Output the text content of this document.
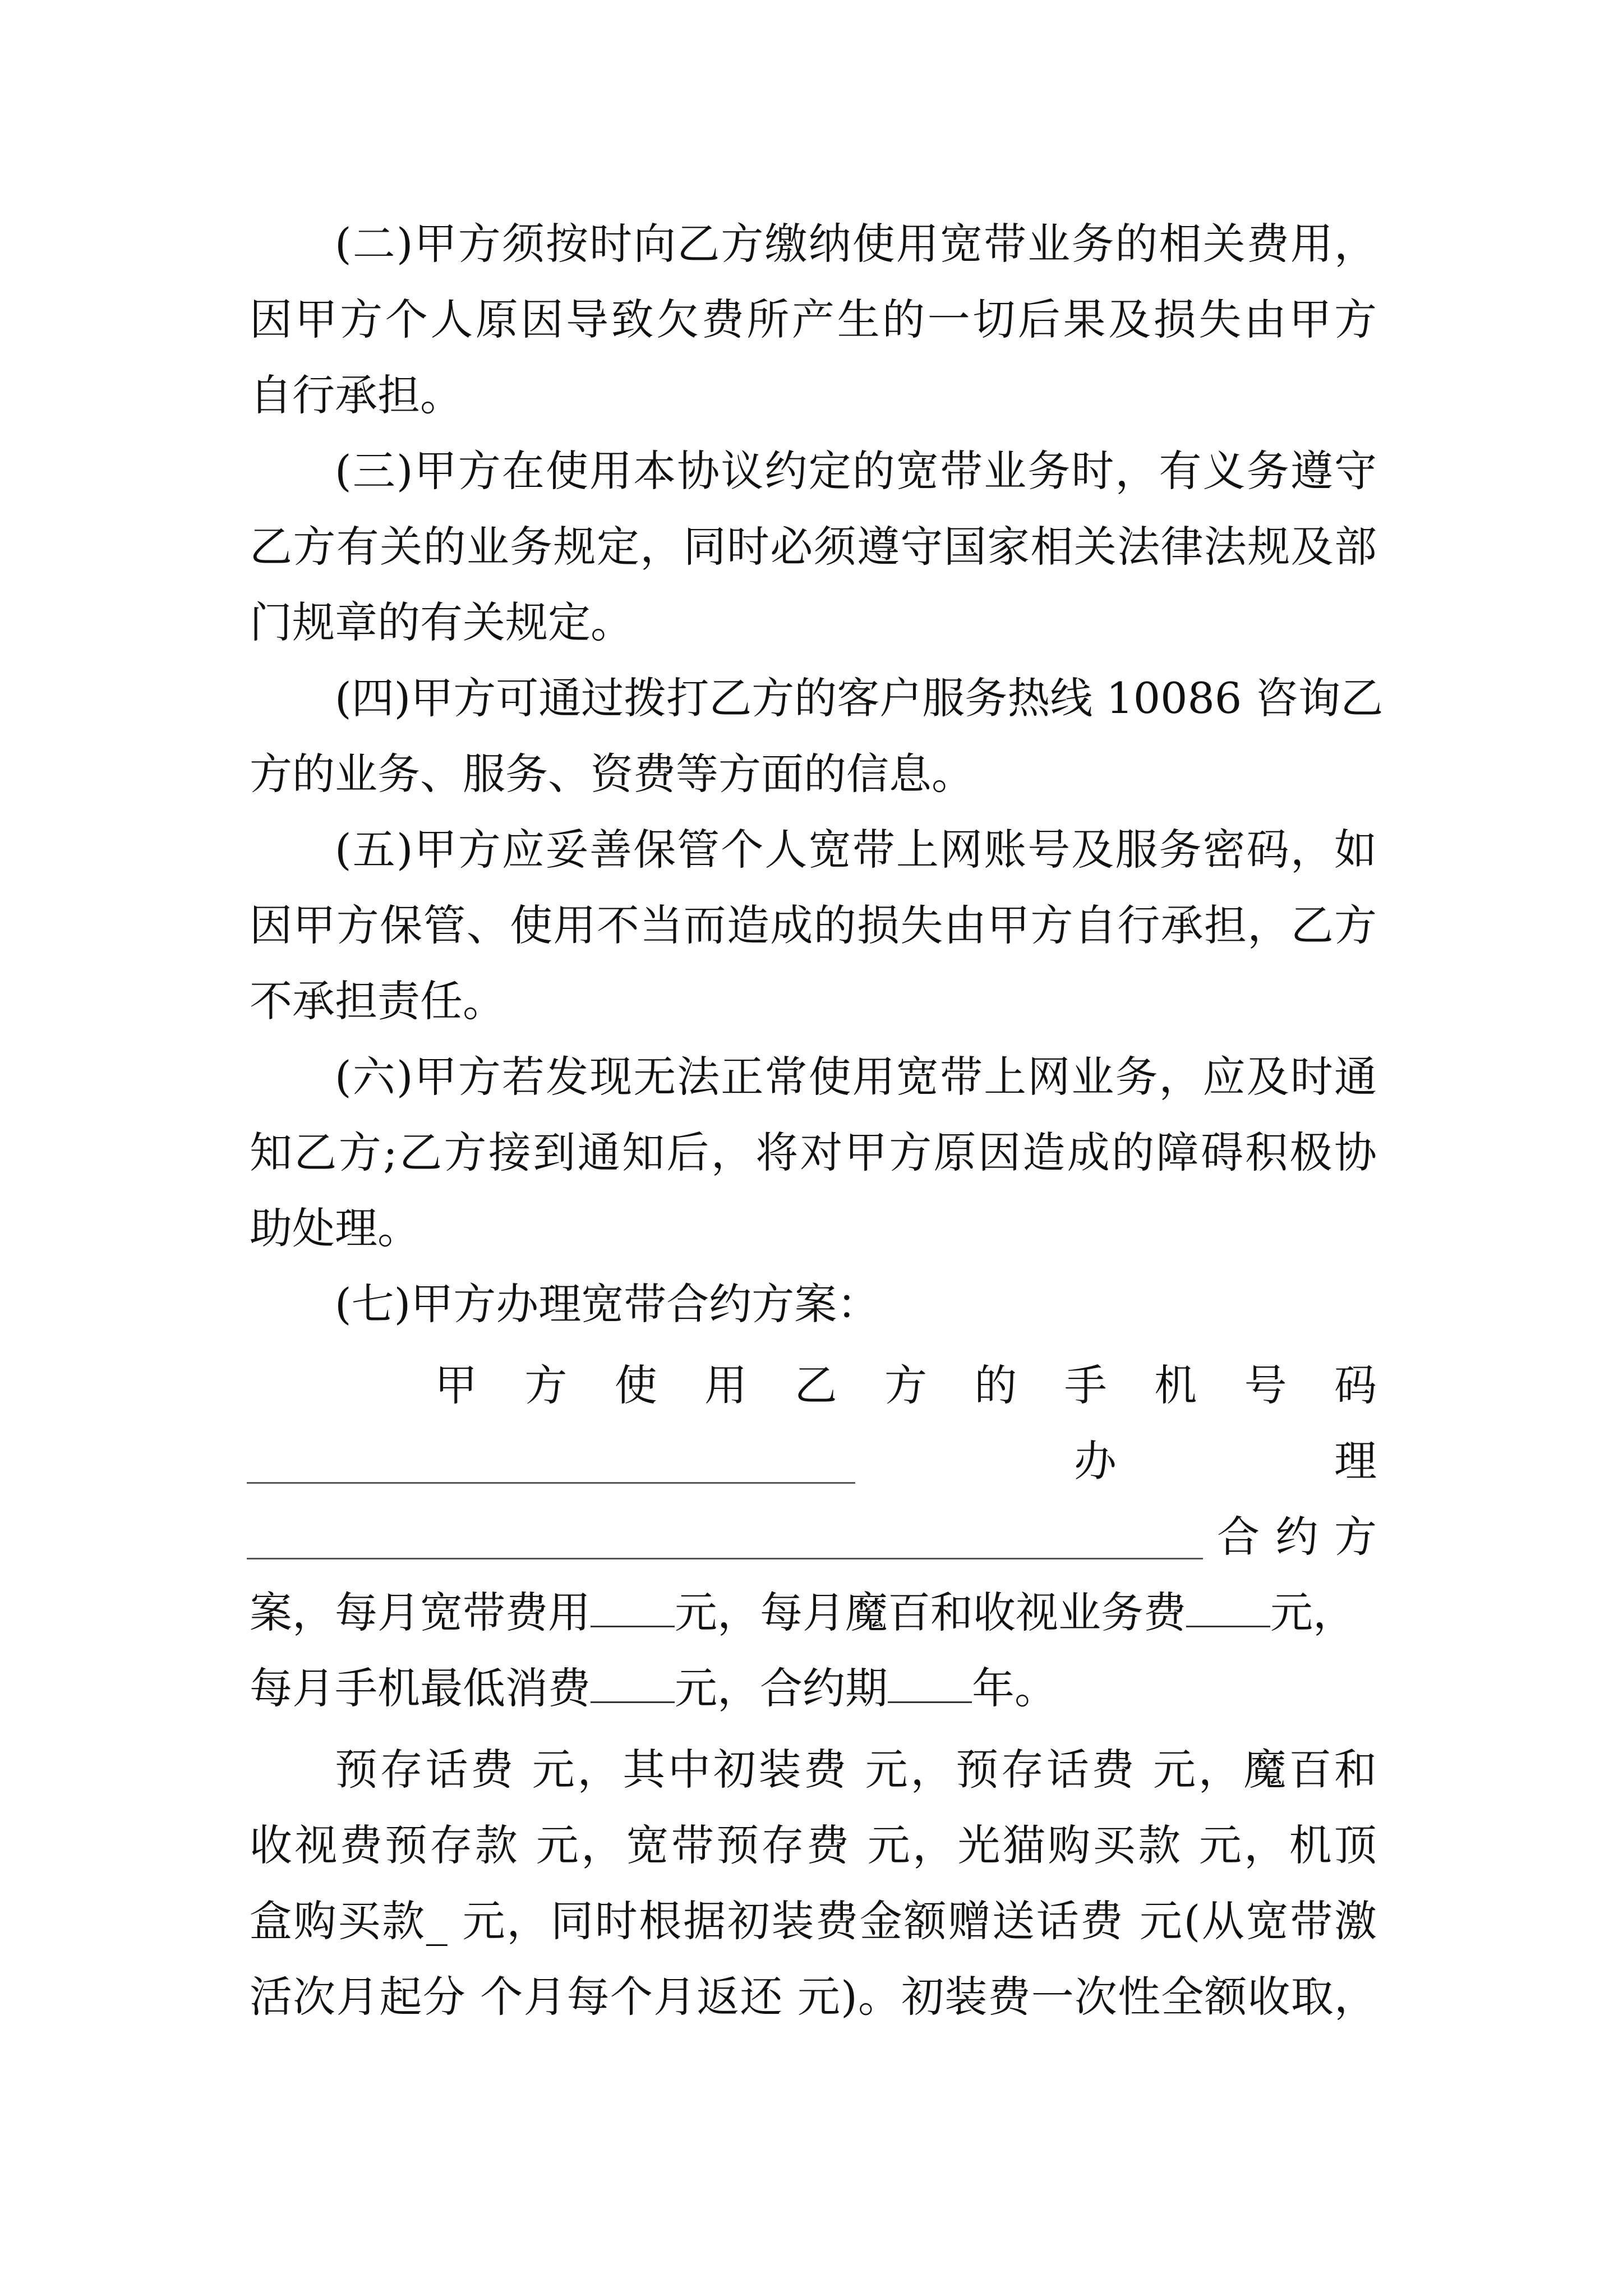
(二)甲方须按时向乙方缴纳使用宽带业务的相关费用，
因甲方个人原因导致欠费所产生的一切后果及损失由甲方
自行承担。
(三)甲方在使用本协议约定的宽带业务时，有义务遵守
乙方有关的业务规定，同时必须遵守国家相关法律法规及部
门规章的有关规定。
(四)甲方可通过拨打乙方的客户服务热线 10086 咨询乙
方的业务、服务、资费等方面的信息。
(五)甲方应妥善保管个人宽带上网账号及服务密码，如
因甲方保管、使用不当而造成的损失由甲方自行承担，乙方
不承担责任。
(六)甲方若发现无法正常使用宽带上网业务，应及时通
知乙方;乙方接到通知后，将对甲方原因造成的障碍积极协
助处理。
(七)甲方办理宽带合约方案：
甲 方 使 用 乙 方 的 手 机 号 码
办 理
合 约 方
案，每月宽带费用 元，每月魔百和收视业务费 元，
每月手机最低消费 元，合约期 年。
预存话费 元，其中初装费 元，预存话费 元，魔百和
收视费预存款 元，宽带预存费 元，光猫购买款 元，机顶
盒购买款_ 元，同时根据初装费金额赠送话费 元(从宽带激
活次月起分 个月每个月返还 元)。初装费一次性全额收取，
